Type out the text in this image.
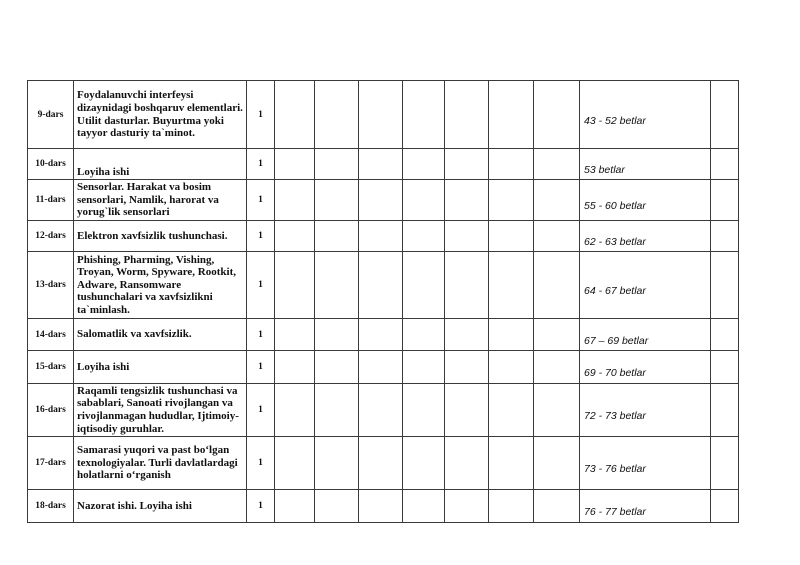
9-dars	Foydalanuvchi interfeysi dizaynidagi boshqaruv elementlari. Utilit dasturlar. Buyurtma yoki tayyor dasturiy ta`minot.	1								43 - 52 betlar	

10-dars	Loyiha ishi	1								53 betlar	

11-dars	Sensorlar. Harakat va bosim sensorlari, Namlik, harorat va yorug`lik sensorlari	1								55 - 60 betlar	

12-dars	Elektron xavfsizlik tushunchasi.	1								62 - 63 betlar	

13-dars	Phishing, Pharming, Vishing, Troyan, Worm, Spyware, Rootkit, Adware, Ransomware tushunchalari va xavfsizlikni ta`minlash.	1								64 - 67 betlar	

14-dars	Salomatlik va xavfsizlik.	1								67 – 69 betlar	

15-dars	Loyiha ishi	1								69 - 70 betlar	

16-dars	Raqamli tengsizlik tushunchasi va sabablari, Sanoati rivojlangan va rivojlanmagan hududlar, Ijtimoiy-iqtisodiy guruhlar.	1								72 - 73 betlar	

17-dars	Samarasi yuqori va past bo‘lgan texnologiyalar. Turli davlatlardagi holatlarni o‘rganish	1								73 - 76 betlar	

18-dars	Nazorat ishi. Loyiha ishi	1								76 - 77 betlar	
